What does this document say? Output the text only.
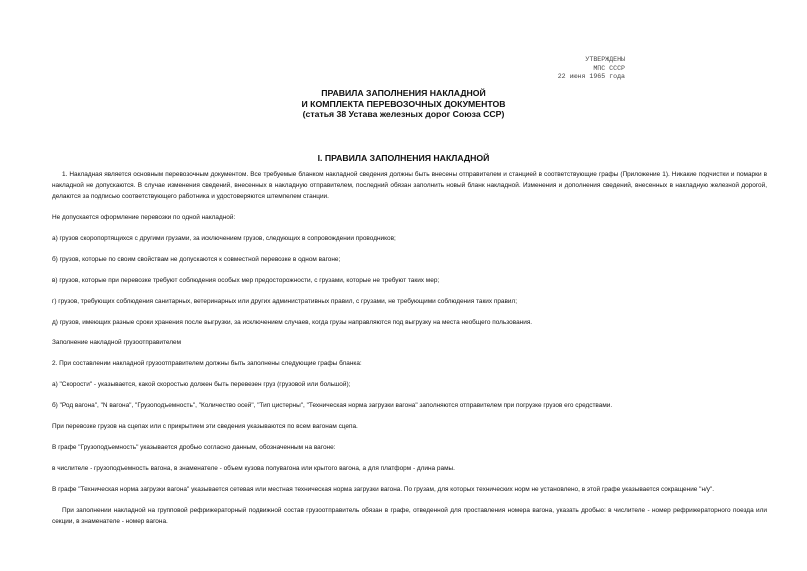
УТВЕРЖДЕНЫ
МПС СССР
22 июня 1965 года
ПРАВИЛА ЗАПОЛНЕНИЯ НАКЛАДНОЙ
И КОМПЛЕКТА ПЕРЕВОЗОЧНЫХ ДОКУМЕНТОВ
(статья 38 Устава железных дорог Союза ССР)
I. ПРАВИЛА ЗАПОЛНЕНИЯ НАКЛАДНОЙ

1. Накладная является основным перевозочным документом. Все требуемые бланком накладной сведения должны быть внесены отправителем и станцией в соответствующие графы (Приложение 1). Никакие подчистки и помарки в накладной не допускаются. В случае изменения сведений, внесенных в накладную отправителем, последний обязан заполнить новый бланк накладной. Изменения и дополнения сведений, внесенных в накладную железной дорогой, делаются за подписью соответствующего работника и удостоверяются штемпелем станции.

Не допускается оформление перевозки по одной накладной:

а) грузов скоропортящихся с другими грузами, за исключением грузов, следующих в сопровождении проводников;

б) грузов, которые по своим свойствам не допускаются к совместной перевозке в одном вагоне;

в) грузов, которые при перевозке требуют соблюдения особых мер предосторожности, с грузами, которые не требуют таких мер;

г) грузов, требующих соблюдения санитарных, ветеринарных или других административных правил, с грузами, не требующими соблюдения таких правил;

д) грузов, имеющих разные сроки хранения после выгрузки, за исключением случаев, когда грузы направляются под выгрузку на места необщего пользования.

Заполнение накладной грузоотправителем

2. При составлении накладной грузоотправителем должны быть заполнены следующие графы бланка:

а) "Скорости" - указывается, какой скоростью должен быть перевезен груз (грузовой или большой);

б) "Род вагона", "N вагона", "Грузоподъемность", "Количество осей", "Тип цистерны", "Техническая норма загрузки вагона" заполняются отправителем при погрузке грузов его средствами.

При перевозке грузов на сцепах или с прикрытием эти сведения указываются по всем вагонам сцепа.

В графе "Грузоподъемность" указывается дробью согласно данным, обозначенным на вагоне:

в числителе - грузоподъемность вагона, в знаменателе - объем кузова полувагона или крытого вагона, а для платформ - длина рамы.

В графе "Техническая норма загрузки вагона" указывается сетевая или местная техническая норма загрузки вагона. По грузам, для которых технических норм не установлено, в этой графе указывается сокращение "н/у".

При заполнении накладной на групповой рефрижераторный подвижной состав грузоотправитель обязан в графе, отведенной для проставления номера вагона, указать дробью: в числителе - номер рефрижераторного поезда или секции, в знаменателе - номер вагона.
